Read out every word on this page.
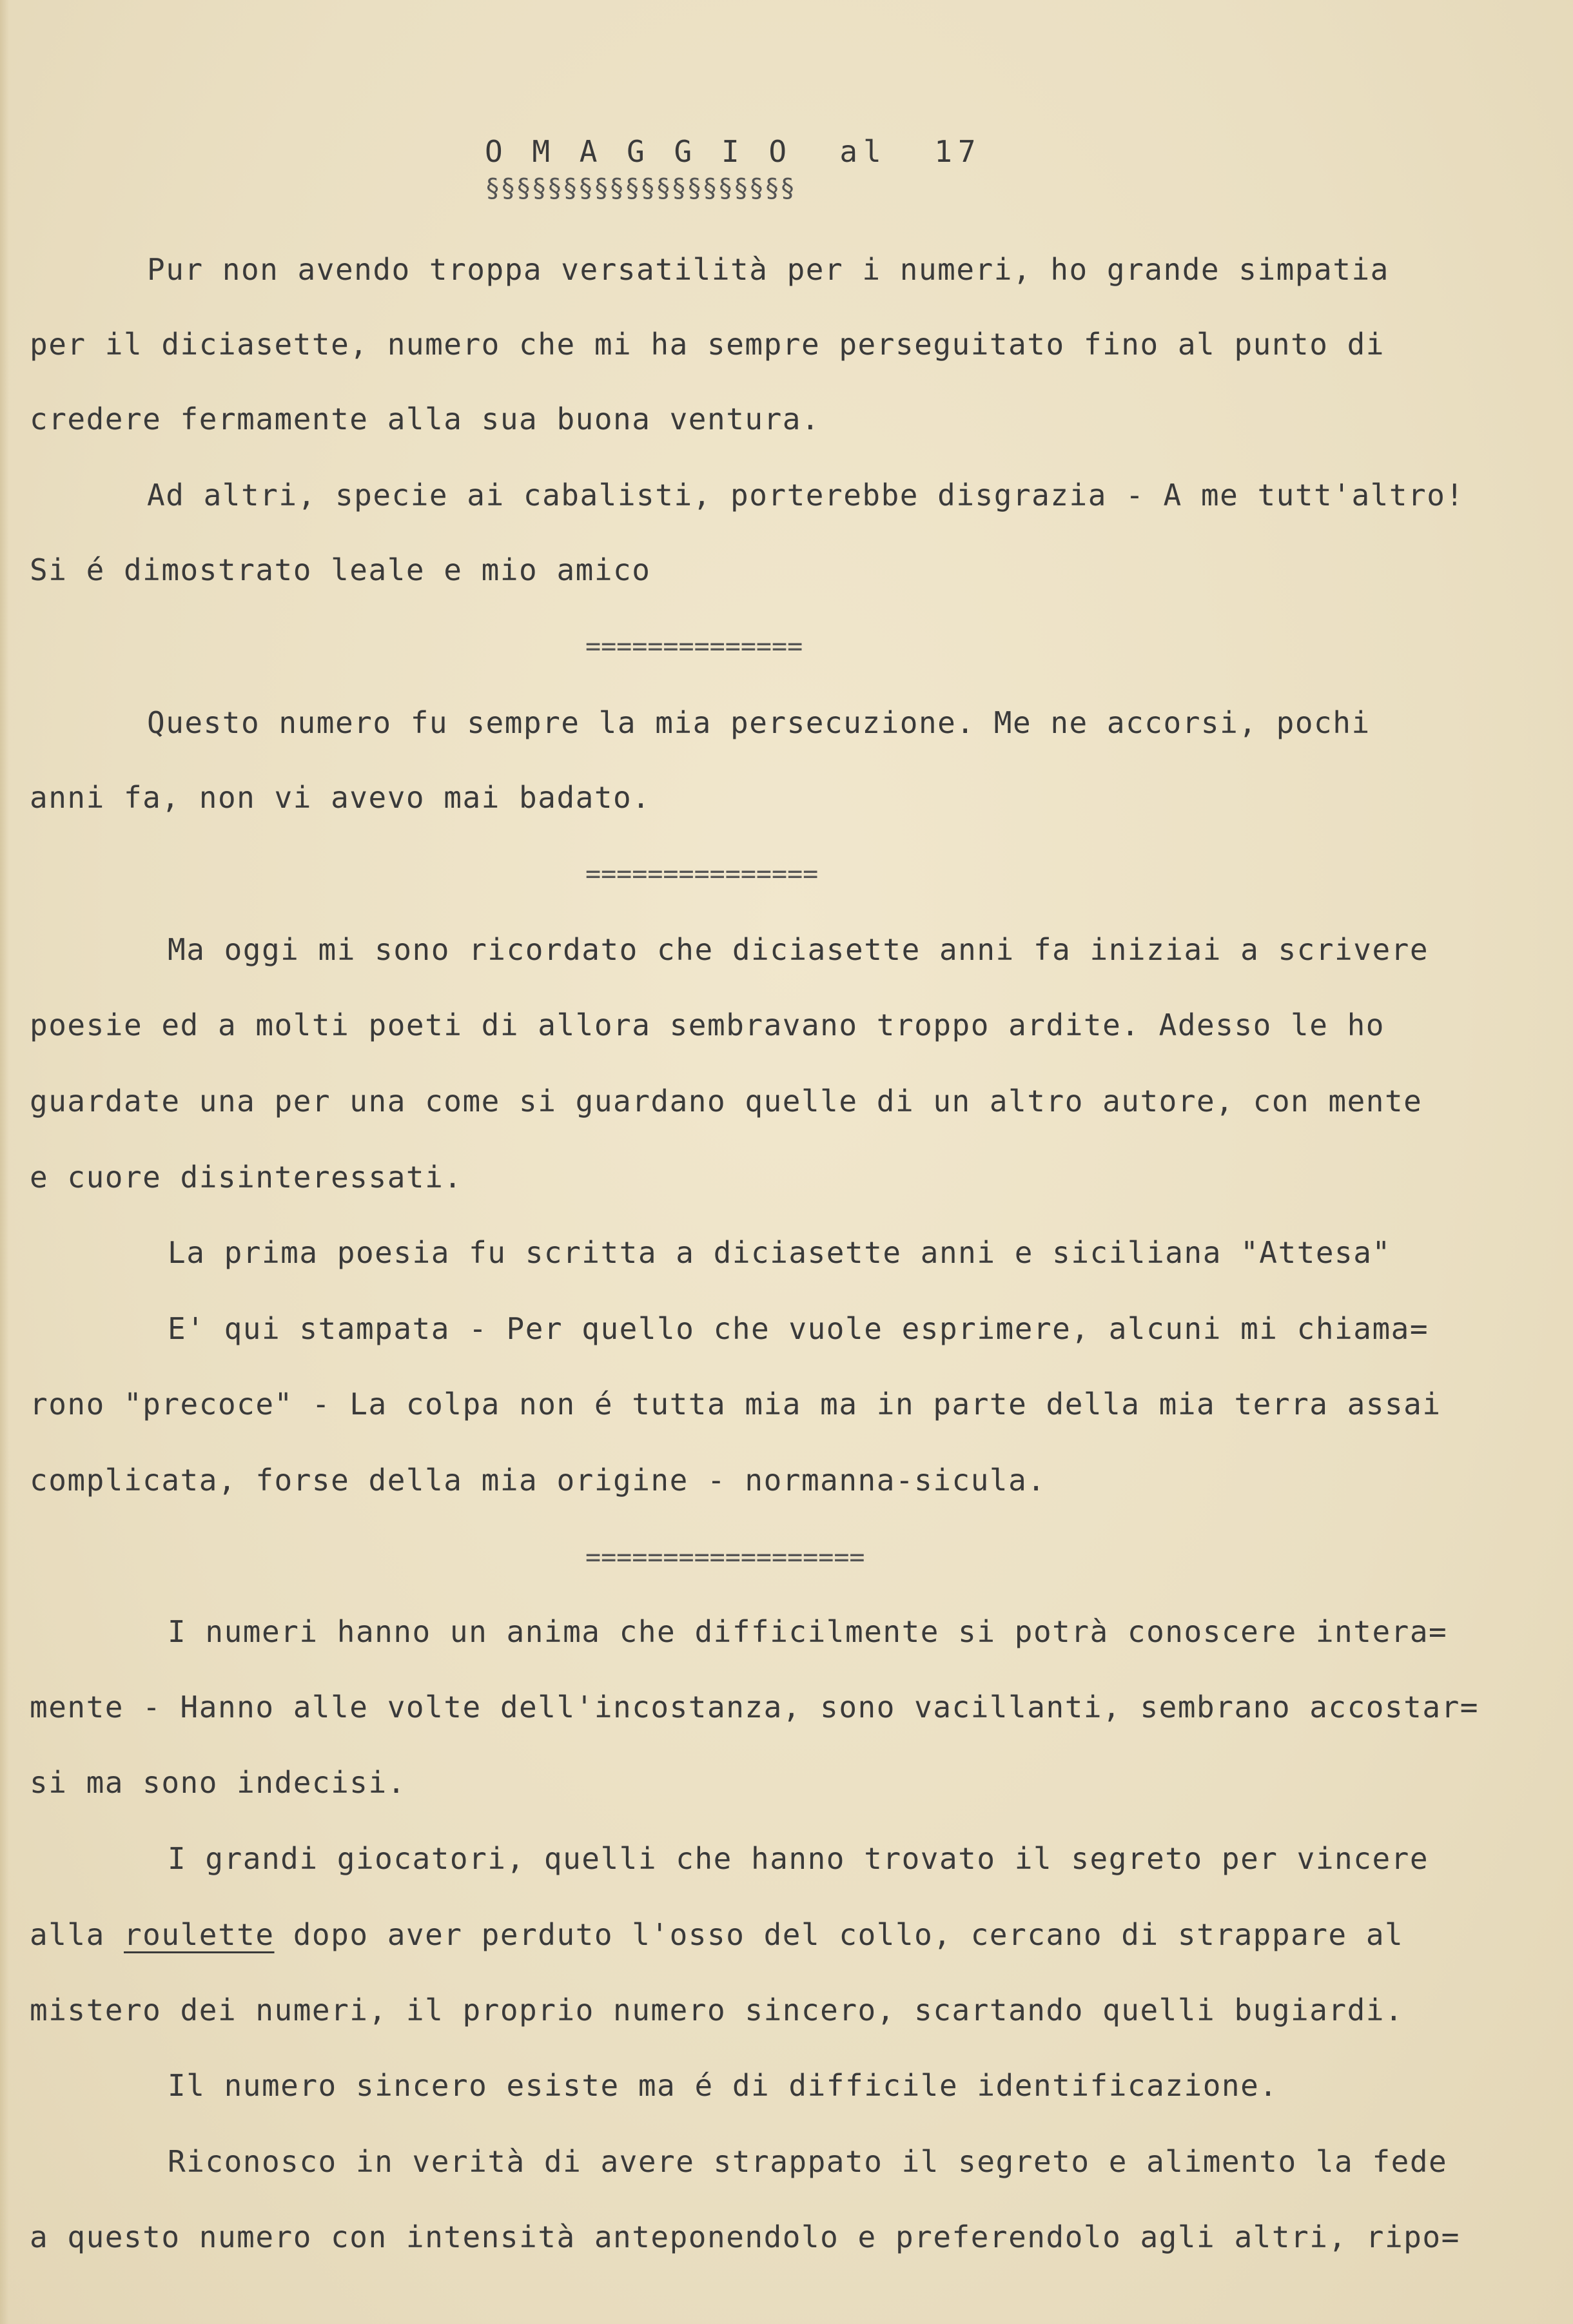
O M A G G I O  al  17
§§§§§§§§§§§§§§§§§§§§
Pur non avendo troppa versatilità per i numeri, ho grande simpatia
per il diciasette, numero che mi ha sempre perseguitato fino al punto di
credere fermamente alla sua buona ventura.
Ad altri, specie ai cabalisti, porterebbe disgrazia - A me tutt'altro!
Si é dimostrato leale e mio amico
==============
Questo numero fu sempre la mia persecuzione. Me ne accorsi, pochi
anni fa, non vi avevo mai badato.
===============
Ma oggi mi sono ricordato che diciasette anni fa iniziai a scrivere
poesie ed a molti poeti di allora sembravano troppo ardite. Adesso le ho
guardate una per una come si guardano quelle di un altro autore, con mente
e cuore disinteressati.
La prima poesia fu scritta a diciasette anni e siciliana "Attesa"
E' qui stampata - Per quello che vuole esprimere, alcuni mi chiama=
rono "precoce" - La colpa non é tutta mia ma in parte della mia terra assai
complicata, forse della mia origine - normanna-sicula.
==================
I numeri hanno un anima che difficilmente si potrà conoscere intera=
mente - Hanno alle volte dell'incostanza, sono vacillanti, sembrano accostar=
si ma sono indecisi.
I grandi giocatori, quelli che hanno trovato il segreto per vincere
alla roulette dopo aver perduto l'osso del collo, cercano di strappare al
mistero dei numeri, il proprio numero sincero, scartando quelli bugiardi.
Il numero sincero esiste ma é di difficile identificazione.
Riconosco in verità di avere strappato il segreto e alimento la fede
a questo numero con intensità anteponendolo e preferendolo agli altri, ripo=
